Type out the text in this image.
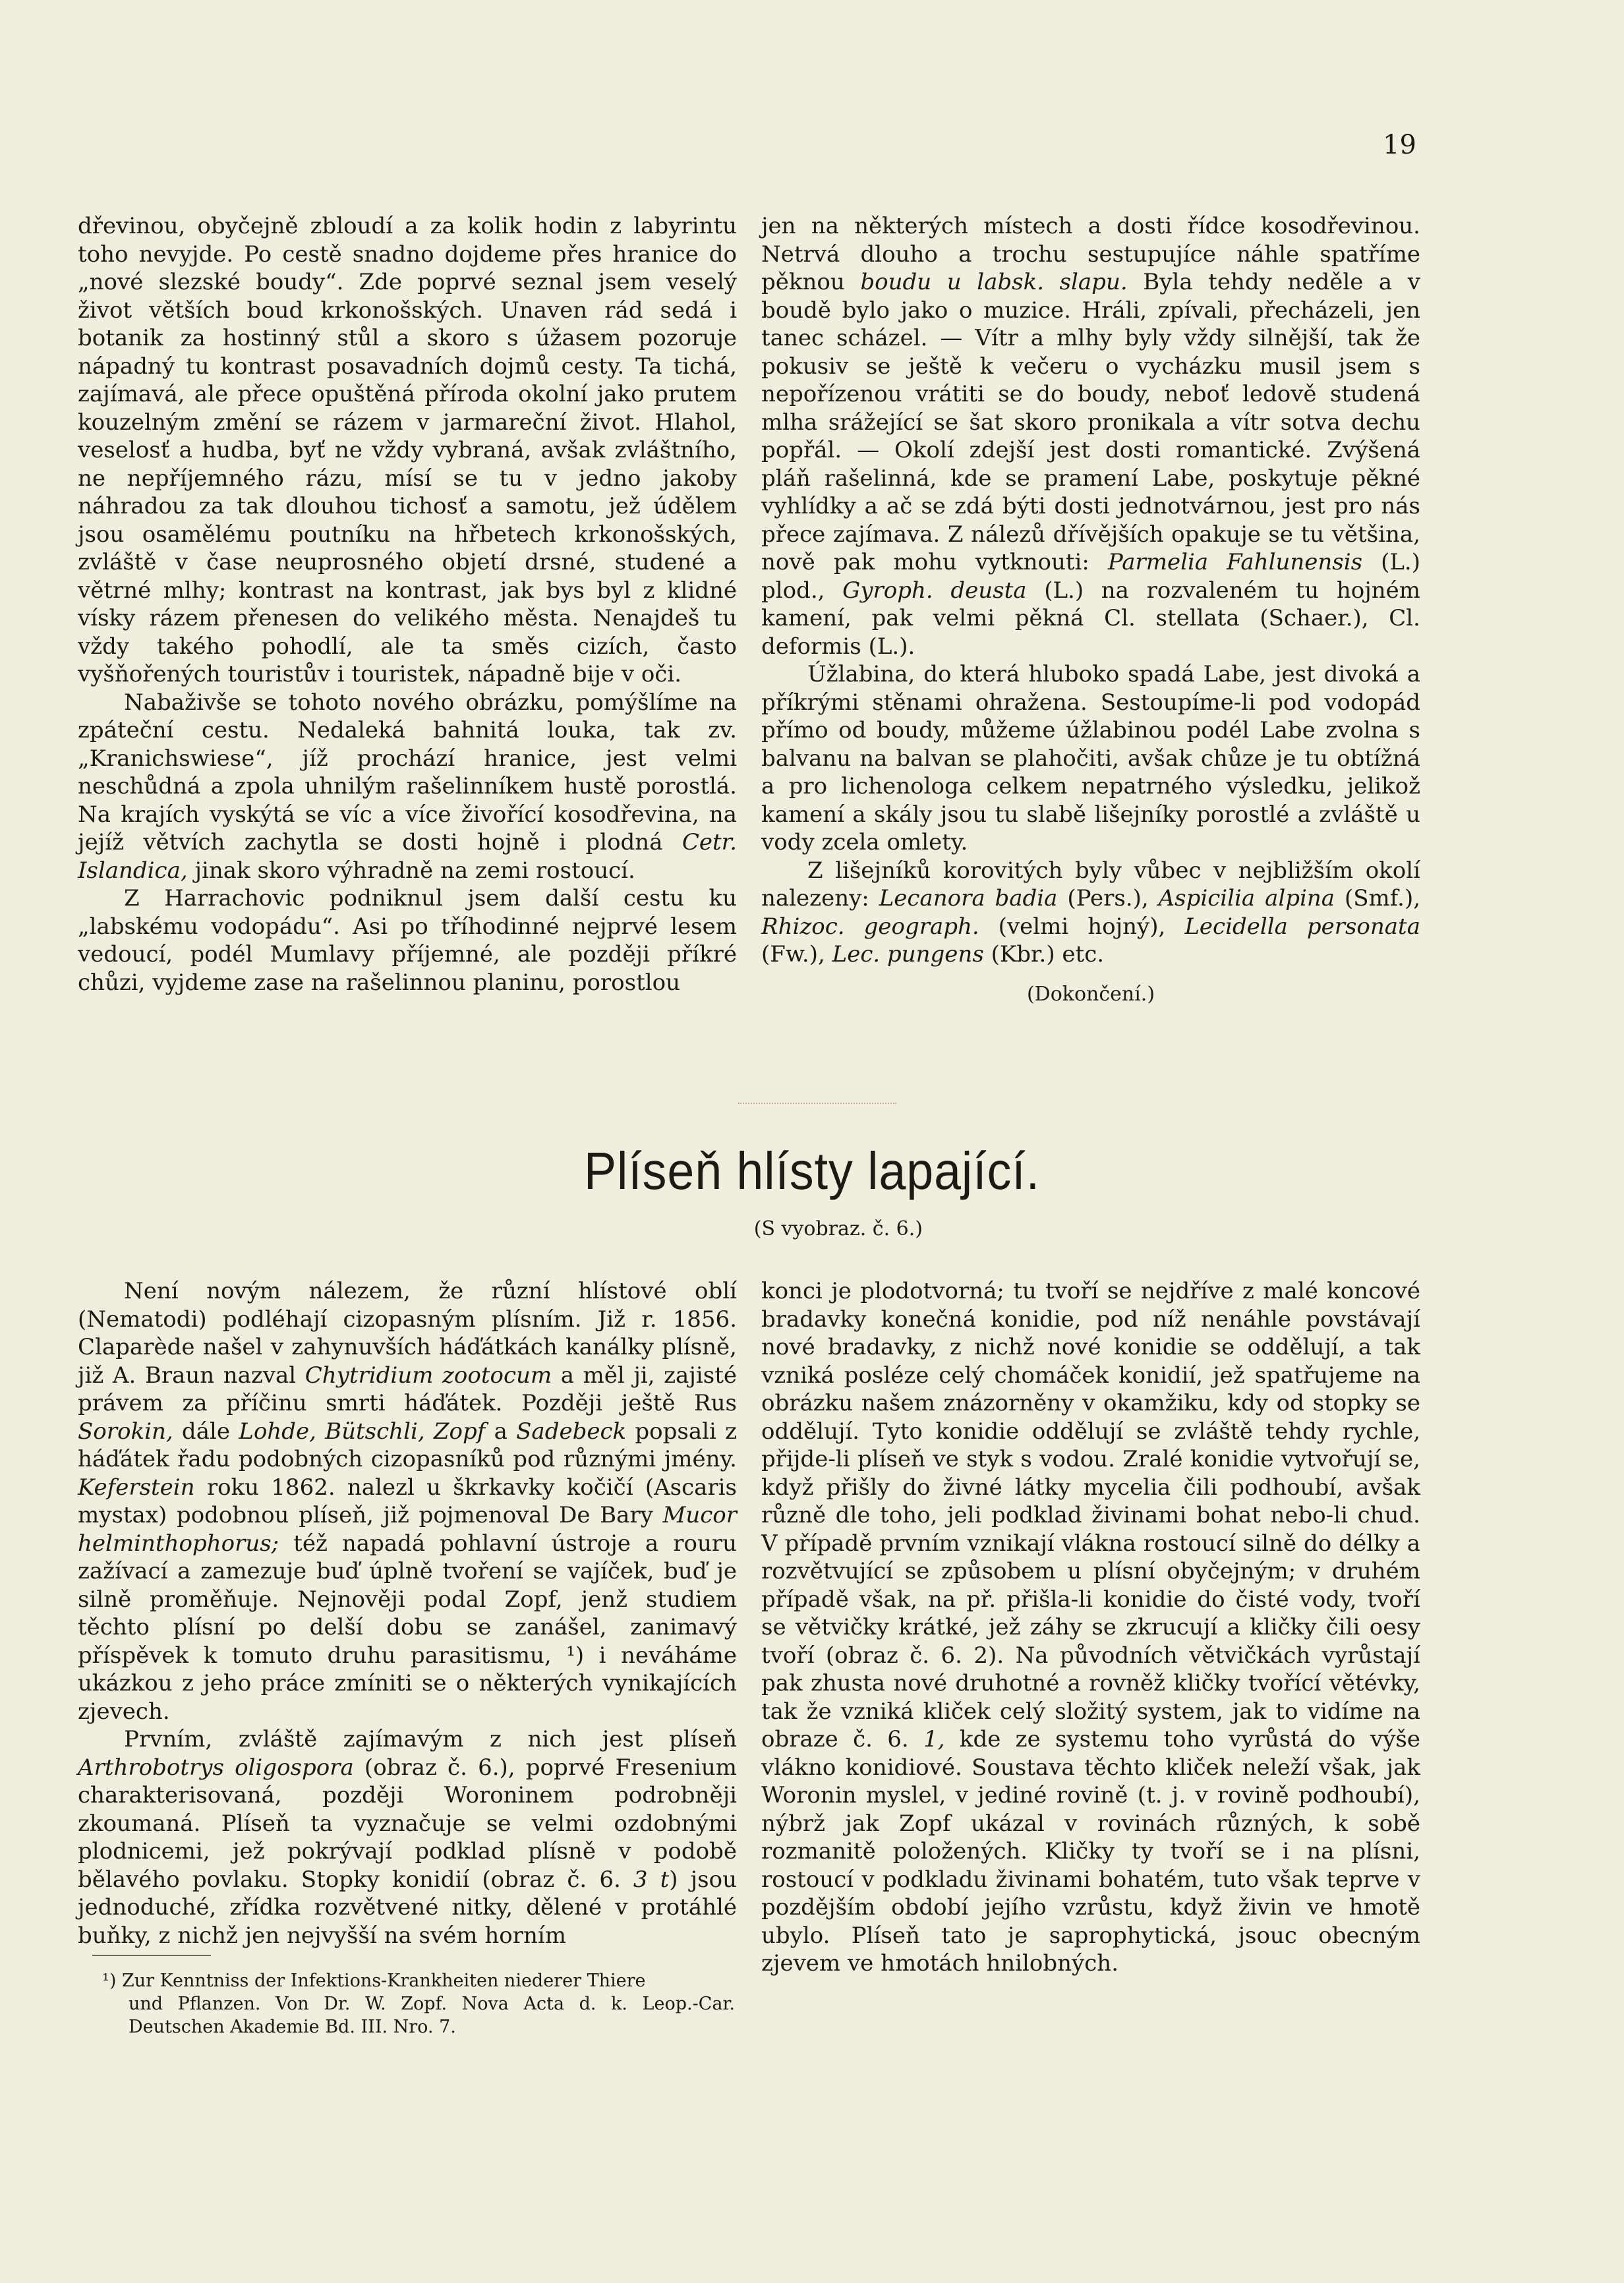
19

dřevinou, obyčejně zbloudí a za kolik hodin z labyrintu toho nevyjde. Po cestě snadno dojdeme přes hranice do „nové slezské boudy“. Zde poprvé seznal jsem veselý život větších boud krkonošských. Unaven rád sedá i botanik za hostinný stůl a skoro s úžasem pozoruje nápadný tu kontrast posavadních dojmů cesty. Ta tichá, zajímavá, ale přece opuštěná příroda okolní jako prutem kouzelným změní se rázem v jarmareční život. Hlahol, veselosť a hudba, byť ne vždy vybraná, avšak zvláštního, ne nepříjemného rázu, mísí se tu v jedno jakoby náhradou za tak dlouhou tichosť a samotu, jež údělem jsou osamělému poutníku na hřbetech krkonošských, zvláště v čase neuprosného objetí drsné, studené a větrné mlhy; kontrast na kontrast, jak bys byl z klidné vísky rázem přenesen do velikého města. Nenajdeš tu vždy takého pohodlí, ale ta směs cizích, často vyšňořených touristův i touristek, nápadně bije v oči.

Nabaživše se tohoto nového obrázku, pomýšlíme na zpáteční cestu. Nedaleká bahnitá louka, tak zv. „Kranichswiese“, jíž prochází hranice, jest velmi neschůdná a zpola uhnilým rašelinníkem hustě porostlá. Na krajích vyskýtá se víc a více živořící kosodřevina, na jejíž větvích zachytla se dosti hojně i plodná Cetr. Islandica, jinak skoro výhradně na zemi rostoucí.

Z Harrachovic podniknul jsem další cestu ku „labskému vodopádu“. Asi po tříhodinné nejprvé lesem vedoucí, podél Mumlavy příjemné, ale později příkré chůzi, vyjdeme zase na rašelinnou planinu, porostlou

jen na některých místech a dosti řídce kosodřevinou. Netrvá dlouho a trochu sestupujíce náhle spatříme pěknou boudu u labsk. slapu. Byla tehdy neděle a v boudě bylo jako o muzice. Hráli, zpívali, přecházeli, jen tanec scházel. — Vítr a mlhy byly vždy silnější, tak že pokusiv se ještě k večeru o vycházku musil jsem s nepořízenou vrátiti se do boudy, neboť ledově studená mlha srážející se šat skoro pronikala a vítr sotva dechu popřál. — Okolí zdejší jest dosti romantické. Zvýšená pláň rašelinná, kde se pramení Labe, poskytuje pěkné vyhlídky a ač se zdá býti dosti jednotvárnou, jest pro nás přece zajímava. Z nálezů dřívějších opakuje se tu většina, nově pak mohu vytknouti: Parmelia Fahlunensis (L.) plod., Gyroph. deusta (L.) na rozvaleném tu hojném kamení, pak velmi pěkná Cl. stellata (Schaer.), Cl. deformis (L.).

Úžlabina, do která hluboko spadá Labe, jest divoká a příkrými stěnami ohražena. Sestoupíme-li pod vodopád přímo od boudy, můžeme úžlabinou podél Labe zvolna s balvanu na balvan se plahočiti, avšak chůze je tu obtížná a pro lichenologa celkem nepatrného výsledku, jelikož kamení a skály jsou tu slabě lišejníky porostlé a zvláště u vody zcela omlety.

Z lišejníků korovitých byly vůbec v nejbližším okolí nalezeny: Lecanora badia (Pers.), Aspicilia alpina (Smf.), Rhizoc. geograph. (velmi hojný), Lecidella personata (Fw.), Lec. pungens (Kbr.) etc.

(Dokončení.)

Plíseň hlísty lapající.
(S vyobraz. č. 6.)

Není novým nálezem, že různí hlístové oblí (Nematodi) podléhají cizopasným plísním. Již r. 1856. Claparède našel v zahynuvších háďátkách kanálky plísně, již A. Braun nazval Chytridium zootocum a měl ji, zajisté právem za příčinu smrti háďátek. Později ještě Rus Sorokin, dále Lohde, Bütschli, Zopf a Sadebeck popsali z háďátek řadu podobných cizopasníků pod různými jmény. Keferstein roku 1862. nalezl u škrkavky kočičí (Ascaris mystax) podobnou plíseň, již pojmenoval De Bary Mucor helminthophorus; též napadá pohlavní ústroje a rouru zažívací a zamezuje buď úplně tvoření se vajíček, buď je silně proměňuje. Nejnověji podal Zopf, jenž studiem těchto plísní po delší dobu se zanášel, zanimavý příspěvek k tomuto druhu parasitismu, ¹) i neváháme ukázkou z jeho práce zmíniti se o některých vynikajících zjevech.

Prvním, zvláště zajímavým z nich jest plíseň Arthrobotrys oligospora (obraz č. 6.), poprvé Fresenium charakterisovaná, později Woroninem podrobněji zkoumaná. Plíseň ta vyznačuje se velmi ozdobnými plodnicemi, jež pokrývají podklad plísně v podobě bělavého povlaku. Stopky konidií (obraz č. 6. 3 t) jsou jednoduché, zřídka rozvětvené nitky, dělené v protáhlé buňky, z nichž jen nejvyšší na svém horním

konci je plodotvorná; tu tvoří se nejdříve z malé koncové bradavky konečná konidie, pod níž nenáhle povstávají nové bradavky, z nichž nové konidie se oddělují, a tak vzniká posléze celý chomáček konidií, jež spatřujeme na obrázku našem znázorněny v okamžiku, kdy od stopky se oddělují. Tyto konidie oddělují se zvláště tehdy rychle, přijde-li plíseň ve styk s vodou. Zralé konidie vytvořují se, když přišly do živné látky mycelia čili podhoubí, avšak různě dle toho, jeli podklad živinami bohat nebo-li chud. V případě prvním vznikají vlákna rostoucí silně do délky a rozvětvující se způsobem u plísní obyčejným; v druhém případě však, na př. přišla-li konidie do čisté vody, tvoří se větvičky krátké, jež záhy se zkrucují a kličky čili oesy tvoří (obraz č. 6. 2). Na původních větvičkách vyrůstají pak zhusta nové druhotné a rovněž kličky tvořící větévky, tak že vzniká kliček celý složitý system, jak to vidíme na obraze č. 6. 1, kde ze systemu toho vyrůstá do výše vlákno konidiové. Soustava těchto kliček neleží však, jak Woronin myslel, v jediné rovině (t. j. v rovině podhoubí), nýbrž jak Zopf ukázal v rovinách různých, k sobě rozmanitě položených. Kličky ty tvoří se i na plísni, rostoucí v podkladu živinami bohatém, tuto však teprve v pozdějším období jejího vzrůstu, když živin ve hmotě ubylo. Plíseň tato je saprophytická, jsouc obecným zjevem ve hmotách hnilobných.

¹) Zur Kenntniss der Infektions-Krankheiten niederer Thiere
und Pflanzen. Von Dr. W. Zopf. Nova Acta d. k. Leop.-Car. Deutschen Akademie Bd. III. Nro. 7.
